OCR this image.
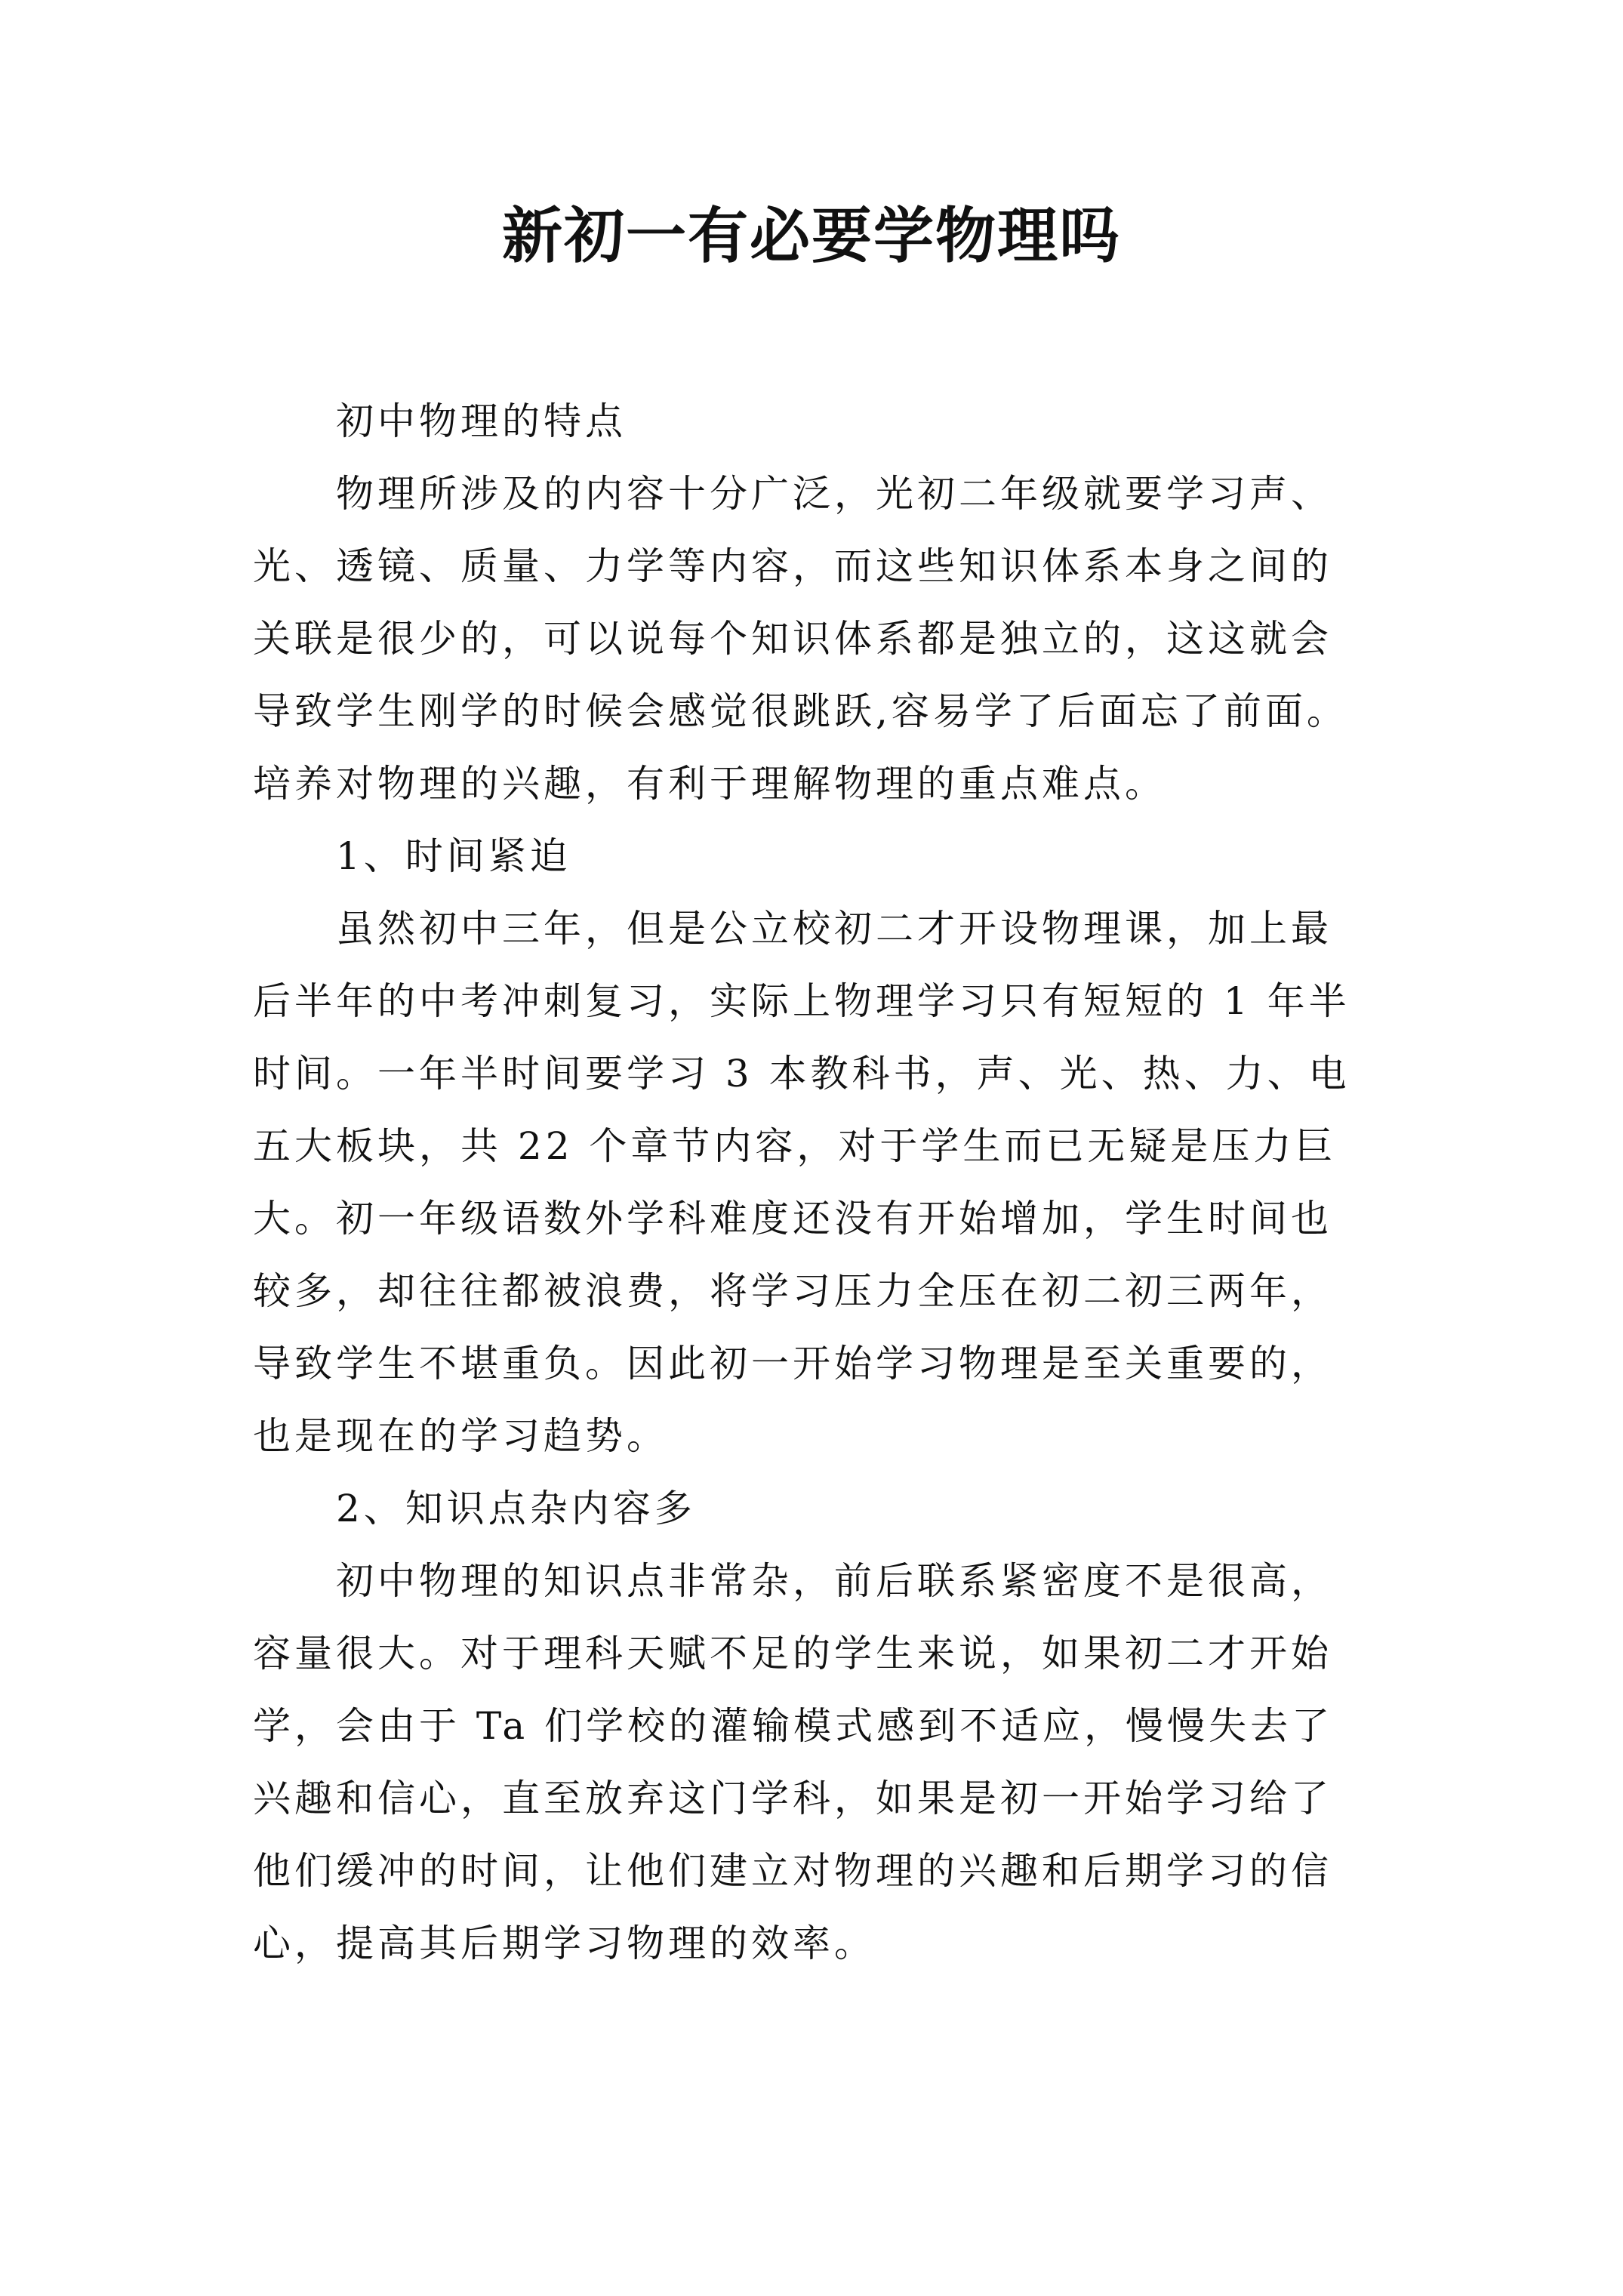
新初一有必要学物理吗
初中物理的特点
物理所涉及的内容十分广泛，光初二年级就要学习声、
光、透镜、质量、力学等内容，而这些知识体系本身之间的
关联是很少的，可以说每个知识体系都是独立的，这这就会
导致学生刚学的时候会感觉很跳跃,容易学了后面忘了前面。
培养对物理的兴趣，有利于理解物理的重点难点。
1、时间紧迫
虽然初中三年，但是公立校初二才开设物理课，加上最
后半年的中考冲刺复习，实际上物理学习只有短短的 1 年半
时间。一年半时间要学习 3 本教科书，声、光、热、力、电
五大板块，共 22 个章节内容，对于学生而已无疑是压力巨
大。初一年级语数外学科难度还没有开始增加，学生时间也
较多，却往往都被浪费，将学习压力全压在初二初三两年，
导致学生不堪重负。因此初一开始学习物理是至关重要的，
也是现在的学习趋势。
2、知识点杂内容多
初中物理的知识点非常杂，前后联系紧密度不是很高，
容量很大。对于理科天赋不足的学生来说，如果初二才开始
学，会由于 Ta 们学校的灌输模式感到不适应，慢慢失去了
兴趣和信心，直至放弃这门学科，如果是初一开始学习给了
他们缓冲的时间，让他们建立对物理的兴趣和后期学习的信
心，提高其后期学习物理的效率。
